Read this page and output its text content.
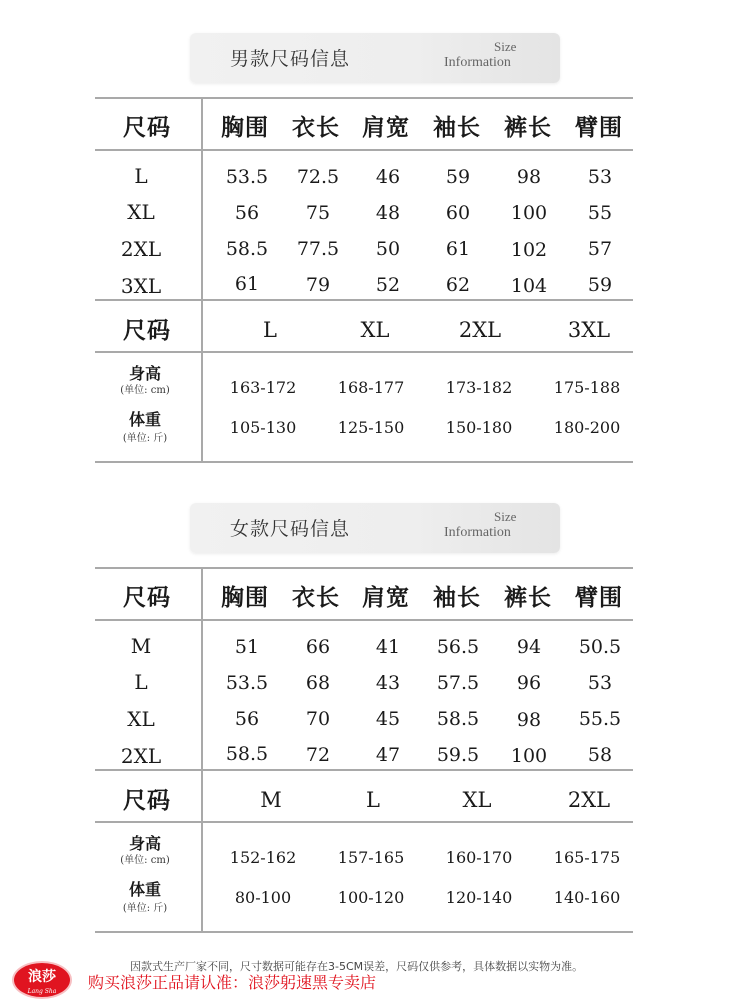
男款尺码信息
Size
Information
尺码 胸围 衣长 肩宽 袖长 裤长 臂围
L	53.5 72.5 46 59 98 53
XL	56 75 48 60 100 55
2XL	58.5 77.5 50 61 102 57
3XL	61 79 52 62 104 59
尺码	L	XL	2XL	3XL
身高
(单位: cm)	163-172	168-177	173-182	175-188
体重
(单位: 斤)
105-130	125-150	150-180	180-200
女款尺码信息
Size
Information
尺码 胸围 衣长 肩宽 袖长 裤长 臂围
M	51 66 41 56.5 94 50.5
L	53.5 68 43 57.5 96 53
XL	56 70 45 58.5 98 55.5
2XL	58.5 72 47 59.5 100 58
尺码	M	L	XL	2XL
身高
(单位: cm)	152-162	157-165	160-170	165-175
体重
(单位: 斤)
80-100	100-120	120-140	140-160
因款式生产厂家不同，尺寸数据可能存在3-5CM误差，尺码仅供参考，具体数据以实物为准。
浪莎
Lang Sha	购买浪莎正品请认准：浪莎躬速黑专卖店
